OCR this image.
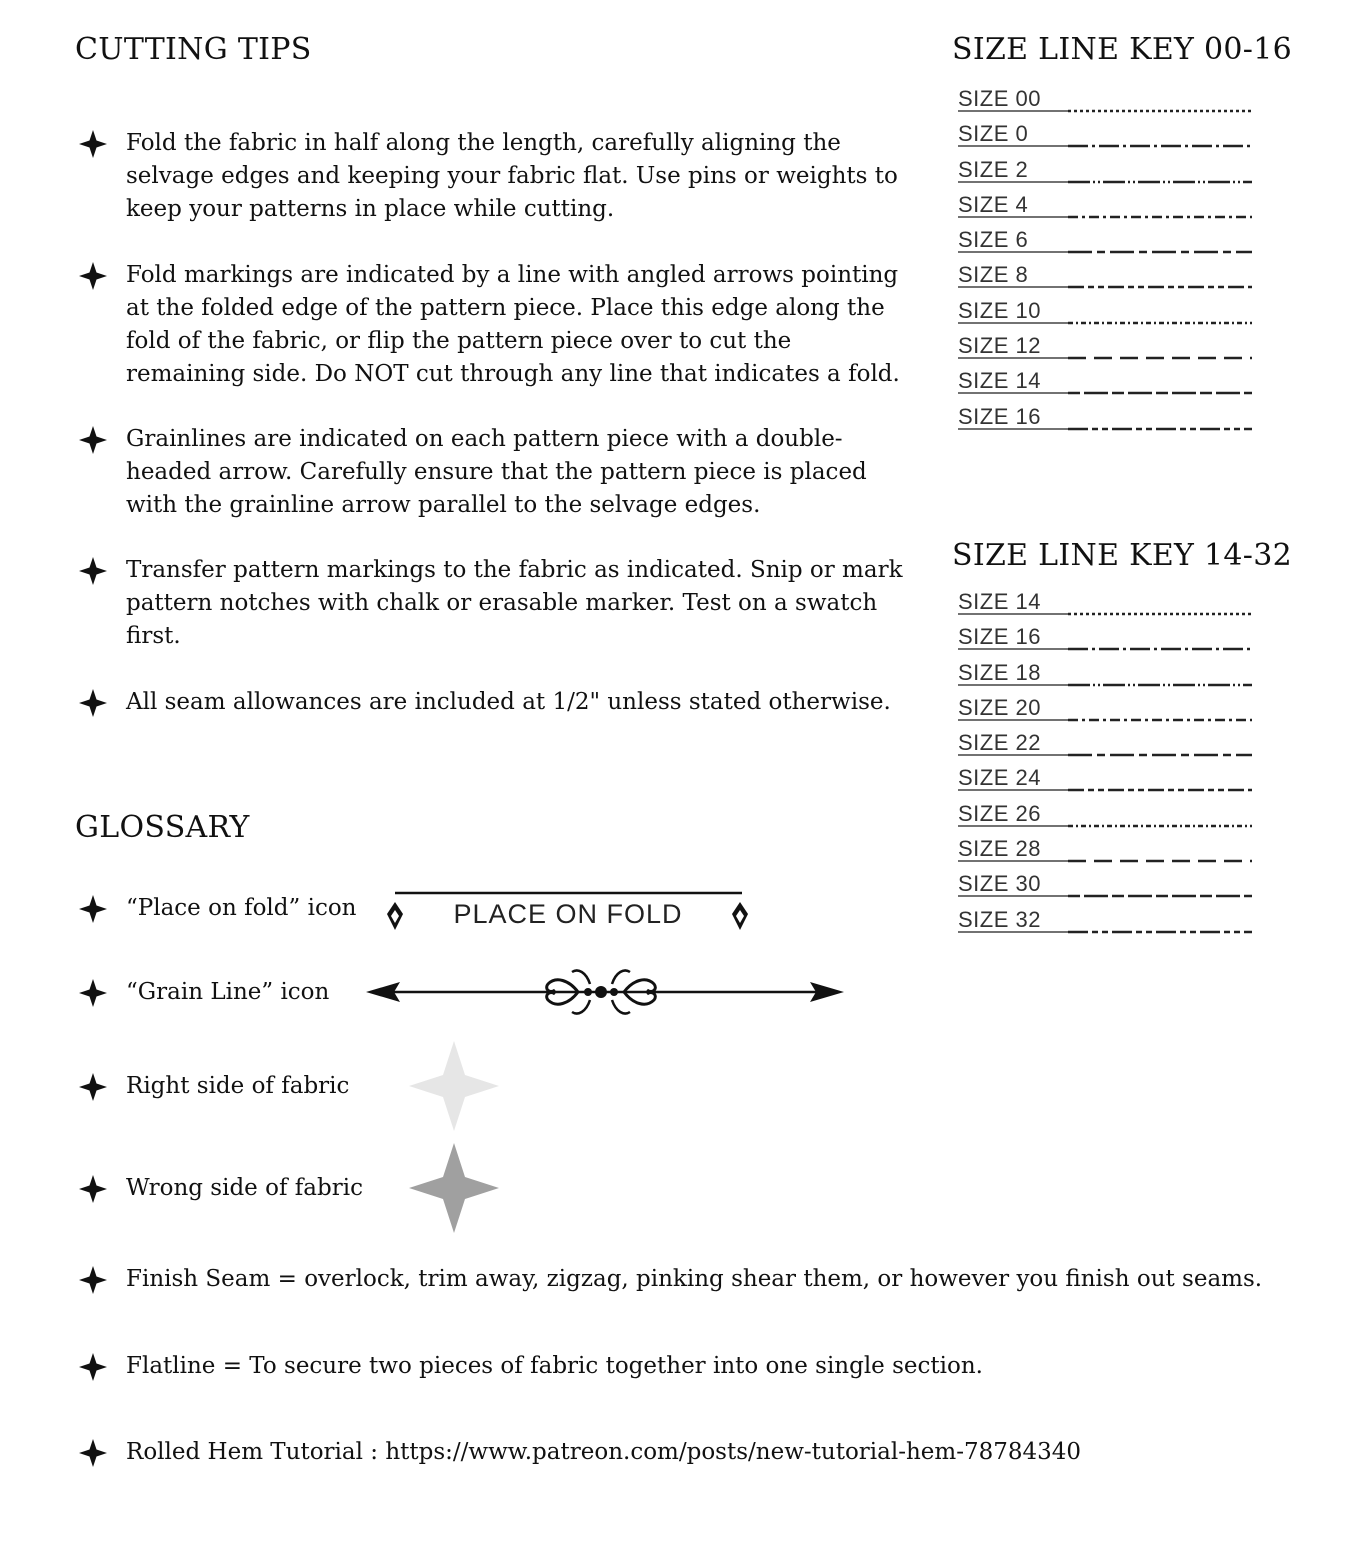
CUTTING TIPS
Fold the fabric in half along the length, carefully aligning the
selvage edges and keeping your fabric flat. Use pins or weights to
keep your patterns in place while cutting.
Fold markings are indicated by a line with angled arrows pointing
at the folded edge of the pattern piece. Place this edge along the
fold of the fabric, or flip the pattern piece over to cut the
remaining side. Do NOT cut through any line that indicates a fold.
Grainlines are indicated on each pattern piece with a double-
headed arrow. Carefully ensure that the pattern piece is placed
with the grainline arrow parallel to the selvage edges.
Transfer pattern markings to the fabric as indicated. Snip or mark
pattern notches with chalk or erasable marker. Test on a swatch
first.
All seam allowances are included at 1/2" unless stated otherwise.
GLOSSARY
“Place on fold” icon	PLACE ON FOLD
“Grain Line” icon
Right side of fabric
Wrong side of fabric
Finish Seam = overlock, trim away, zigzag, pinking shear them, or however you finish out seams.
Flatline = To secure two pieces of fabric together into one single section.
Rolled Hem Tutorial : https://www.patreon.com/posts/new-tutorial-hem-78784340
SIZE LINE KEY 00-16
SIZE 00
SIZE 0
SIZE 2
SIZE 4
SIZE 6
SIZE 8
SIZE 10
SIZE 12
SIZE 14
SIZE 16
SIZE LINE KEY 14-32
SIZE 14
SIZE 16
SIZE 18
SIZE 20
SIZE 22
SIZE 24
SIZE 26
SIZE 28
SIZE 30
SIZE 32
